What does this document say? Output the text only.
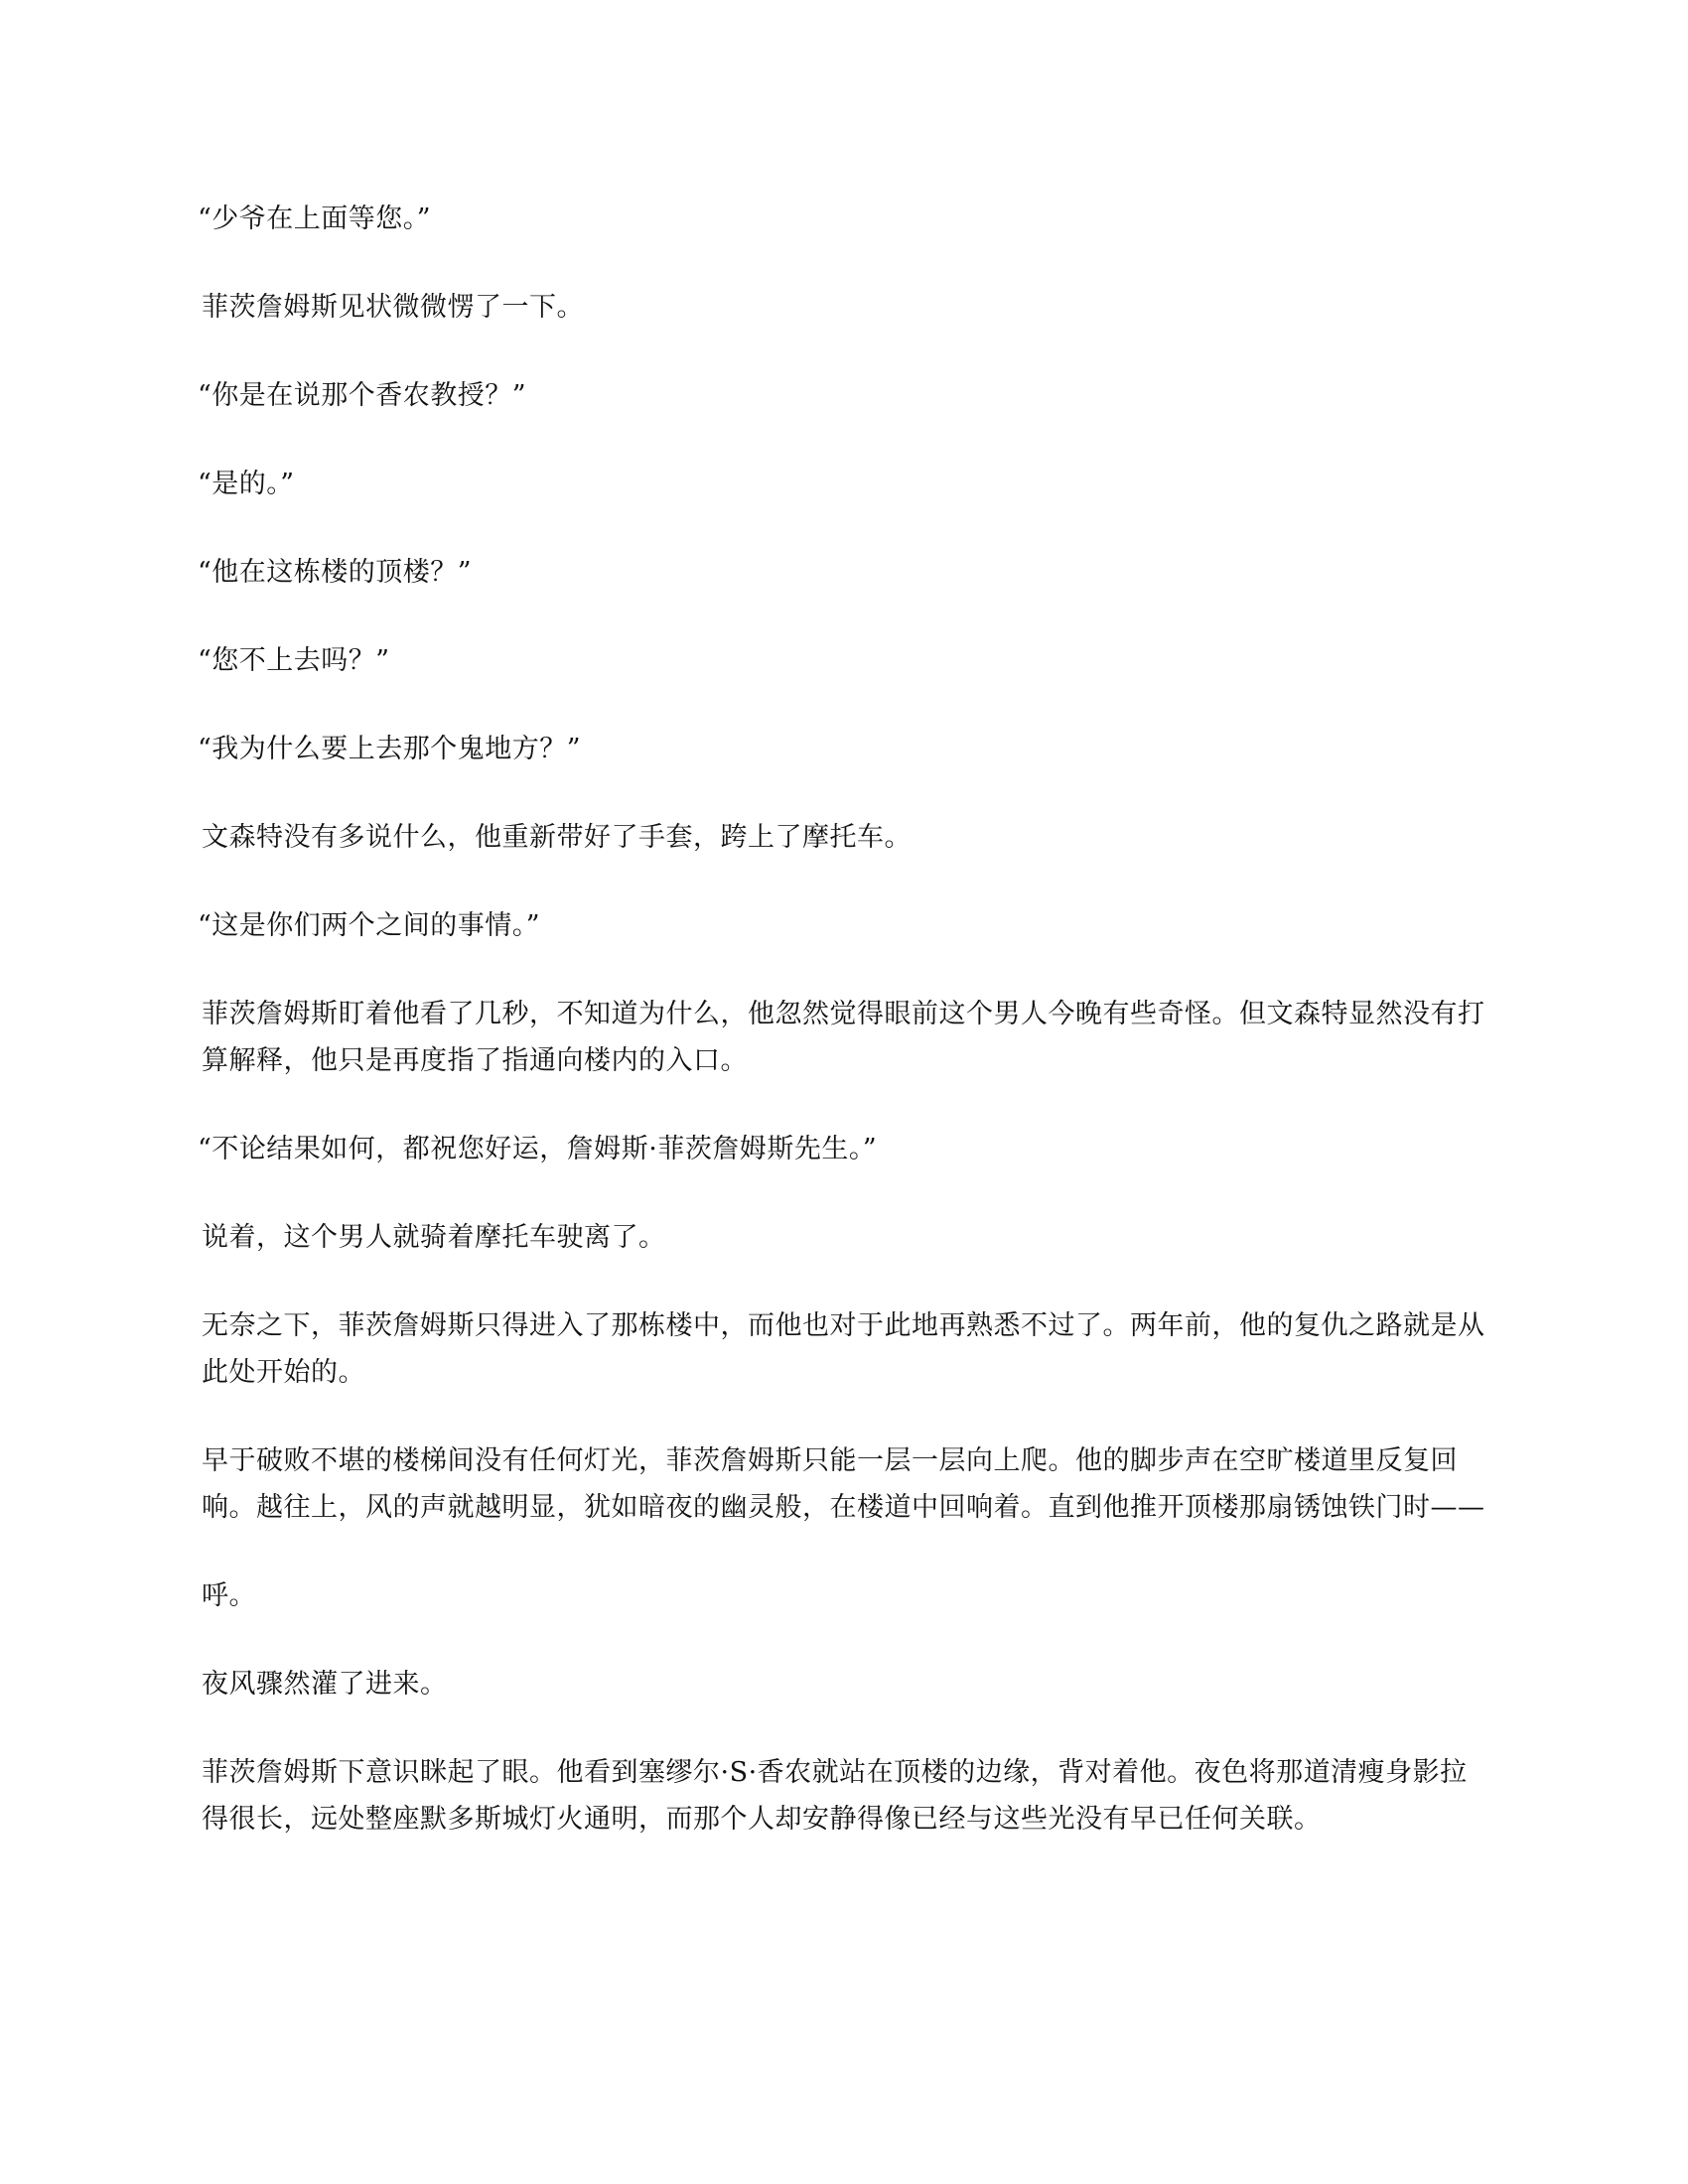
“少爷在上面等您。”

菲茨詹姆斯见状微微愣了一下。

“你是在说那个香农教授？”

“是的。”

“他在这栋楼的顶楼？”

“您不上去吗？”

“我为什么要上去那个鬼地方？”

文森特没有多说什么，他重新带好了手套，跨上了摩托车。

“这是你们两个之间的事情。”

菲茨詹姆斯盯着他看了几秒，不知道为什么，他忽然觉得眼前这个男人今晚有些奇怪。但文森特显然没有打算解释，他只是再度指了指通向楼内的入口。

“不论结果如何，都祝您好运，詹姆斯·菲茨詹姆斯先生。”

说着，这个男人就骑着摩托车驶离了。

无奈之下，菲茨詹姆斯只得进入了那栋楼中，而他也对于此地再熟悉不过了。两年前，他的复仇之路就是从此处开始的。

早于破败不堪的楼梯间没有任何灯光，菲茨詹姆斯只能一层一层向上爬。他的脚步声在空旷楼道里反复回响。越往上，风的声就越明显，犹如暗夜的幽灵般，在楼道中回响着。直到他推开顶楼那扇锈蚀铁门时——

呼。

夜风骤然灌了进来。

菲茨詹姆斯下意识眯起了眼。他看到塞缪尔·S·香农就站在顶楼的边缘，背对着他。夜色将那道清瘦身影拉得很长，远处整座默多斯城灯火通明，而那个人却安静得像已经与这些光没有早已任何关联。
